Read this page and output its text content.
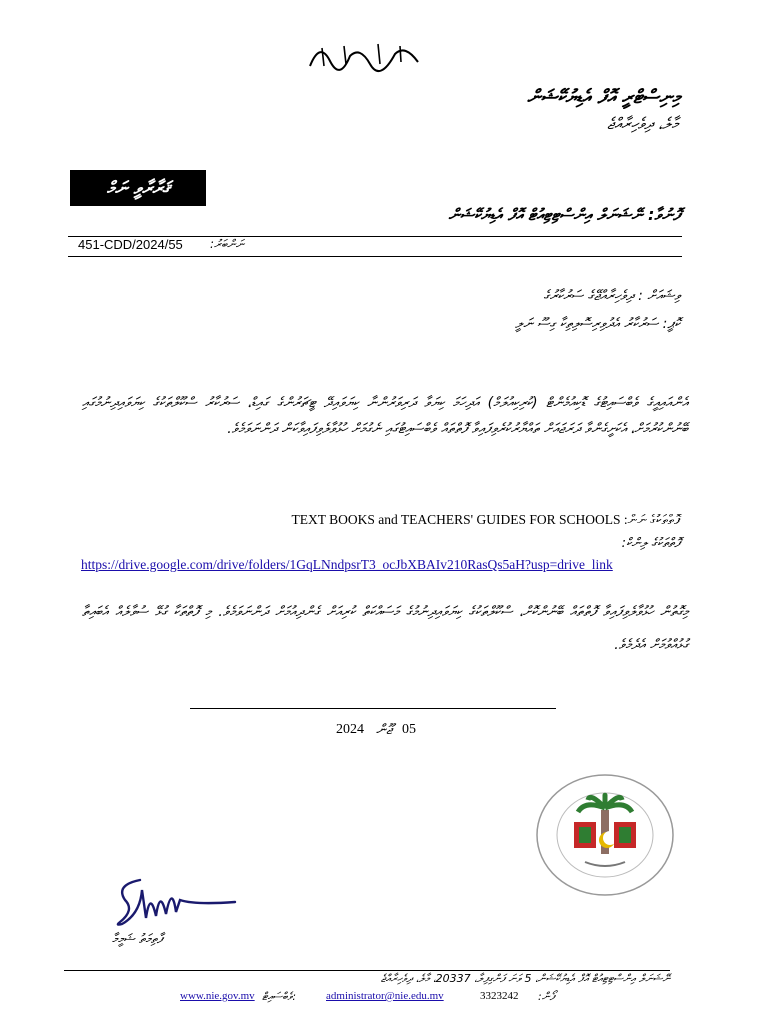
މިނިސްޓްރީ އޮފް އެޑިޔުކޭޝަން
މާލެ، ދިވެހިރާއްޖެ
ޤަރާރާވީ ނަމް
ފޮނުވާ: ނޭޝަނަލް އިންސްޓިޓިއުޓް އޮފް އެޑިޔުކޭޝަން
451-CDD/2024/55 ނަންބަރު:
ވިޝައަށް : ދިވެހިރާއްޖޭގެ ސަރުކާރުގެ
ކޮޕީ: ސަރުކާރު އެދުވިރިސޮލިތިކާ ގިސޫ ނަލީ
އެންއައިއީގެ ވެބްސައިޓުގެ ޑޮކިއުމެންޓް (ކުރިކިއުލަމް) އަދިހަމަ ކިޔަވާ ދަރިވަރުންނާ ކިޔަވައިދޭ ޓީޗަރުންގެ ގައިޑް، ސަރުކާރު ސްކޫލްތަކުގެ ކިޔަވައިދިނުމުގައި ބޭނުންކުރުމަށް، އެކަށީގެންވާ ދަރަޖައަށް ތައްޔާރުކުރެވިފައިވާ ފޮތްތައް ވެބްސައިޓުގައި ނެގުމަށް ހުޅުވާލެވިފައިވާކަން ދަންނަވަމެވެ.
TEXT BOOKS and TEACHERS' GUIDES FOR SCHOOLS :ފޮތްތަކުގެ ނަން
ފޮތްތަކުގެ ލިންކް:
https://drive.google.com/drive/folders/1GqLNndpsrT3_ocJbXBAIv210RasQs5aH?usp=drive_link
މިގޮތުން ހުޅުވާލެވިފައިވާ ފޮތްތައް ބޭނުންކޮށް، ސްކޫލްތަކުގެ ކިޔަވައިދިނުމުގެ މަސައްކަތް ކުރިއަށް ގެންދިއުމަށް ދަންނަވަމެވެ. މި ފޮތްތަކާ ގުޅޭ ސުވާލެއް އެބައިތާ ގުޅުއްވުމަށް އެދެމެވެ.
2024 ޖޫން 05
ފާތިމަތު ޝަމީމާ
ނޭޝަނަލް އިންސްޓިޓިއުޓް އޮފް އެޑިޔުކޭޝަން، 5 ވަނަ ފަންގިފިލާ، 20337، މާލެ، ދިވެހިރާއްޖެ
www.nie.gov.mv :ވެބްސައިޓް	administrator@nie.edu.mv	3323242 ފޯން:
